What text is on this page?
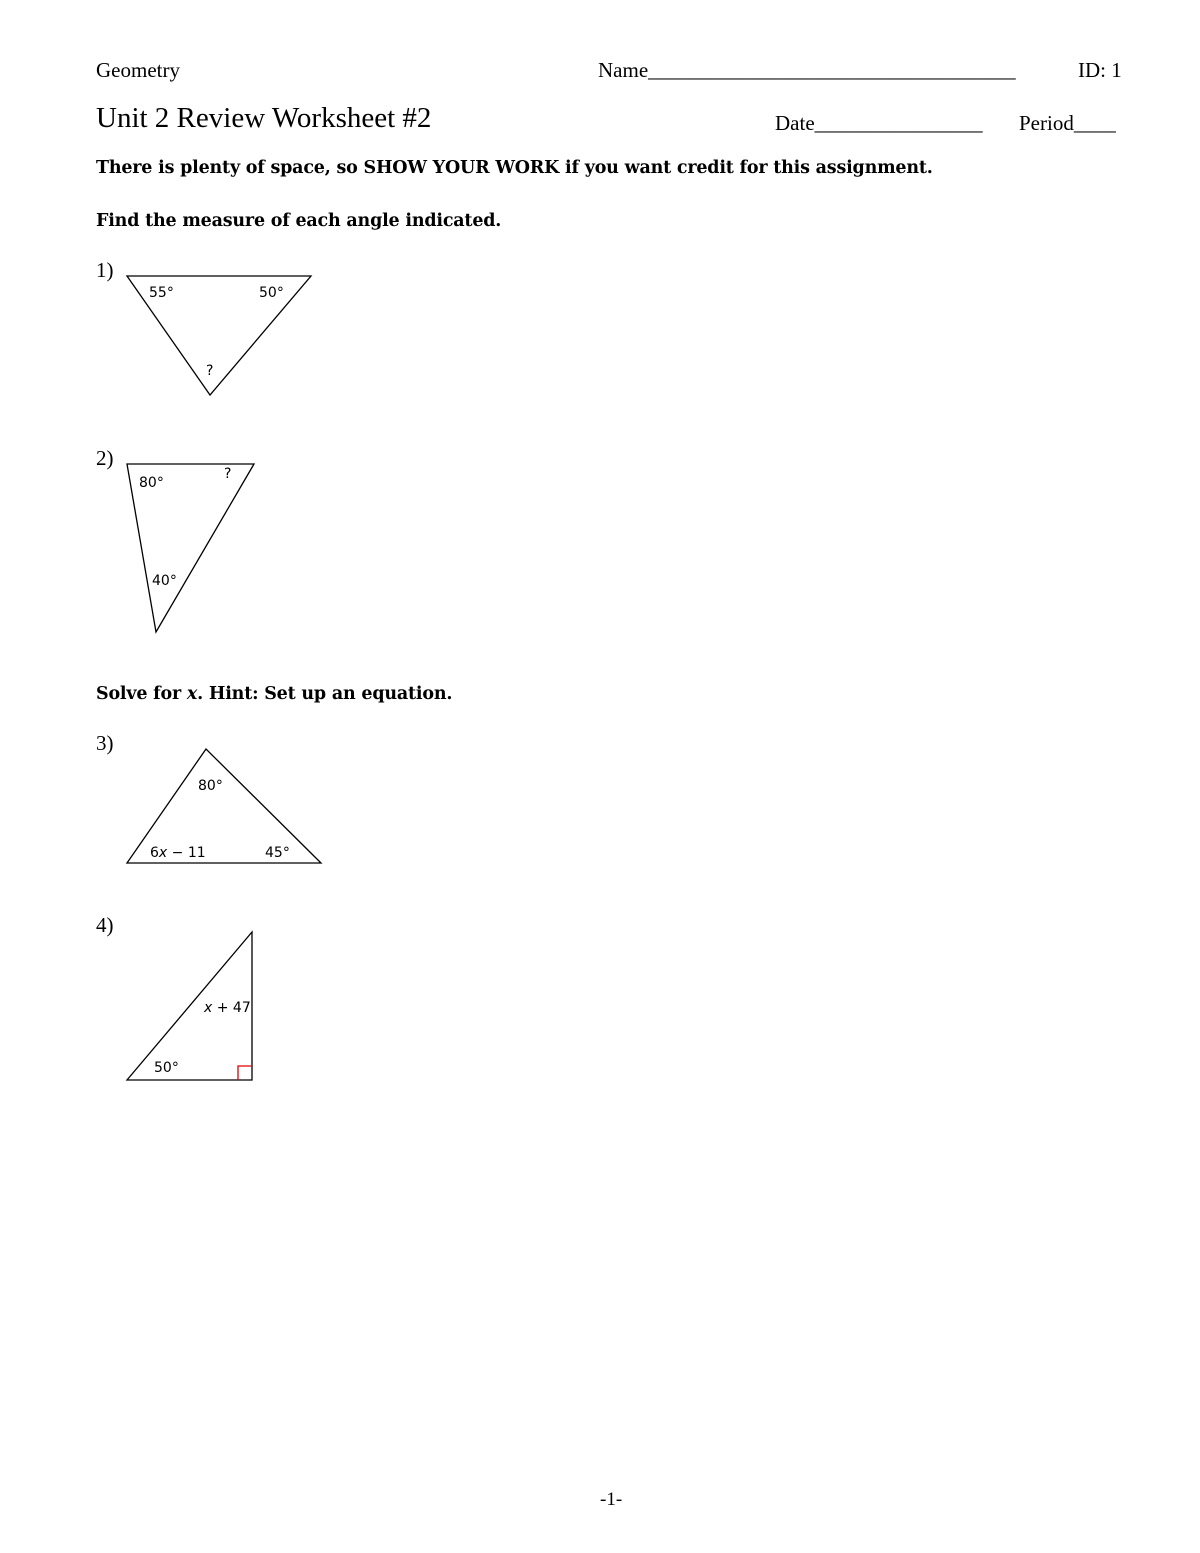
Geometry	Name___________________________________	ID: 1
Unit 2 Review Worksheet #2	Date________________ Period____
There is plenty of space, so SHOW YOUR WORK if you want credit for this assignment.
Find the measure of each angle indicated.
Solve for x. Hint: Set up an equation.
1)
2)
3)
4)
55°	50°
?
80°
?
40°
80°
6x − 11	45°
x + 47
50°
-1-
